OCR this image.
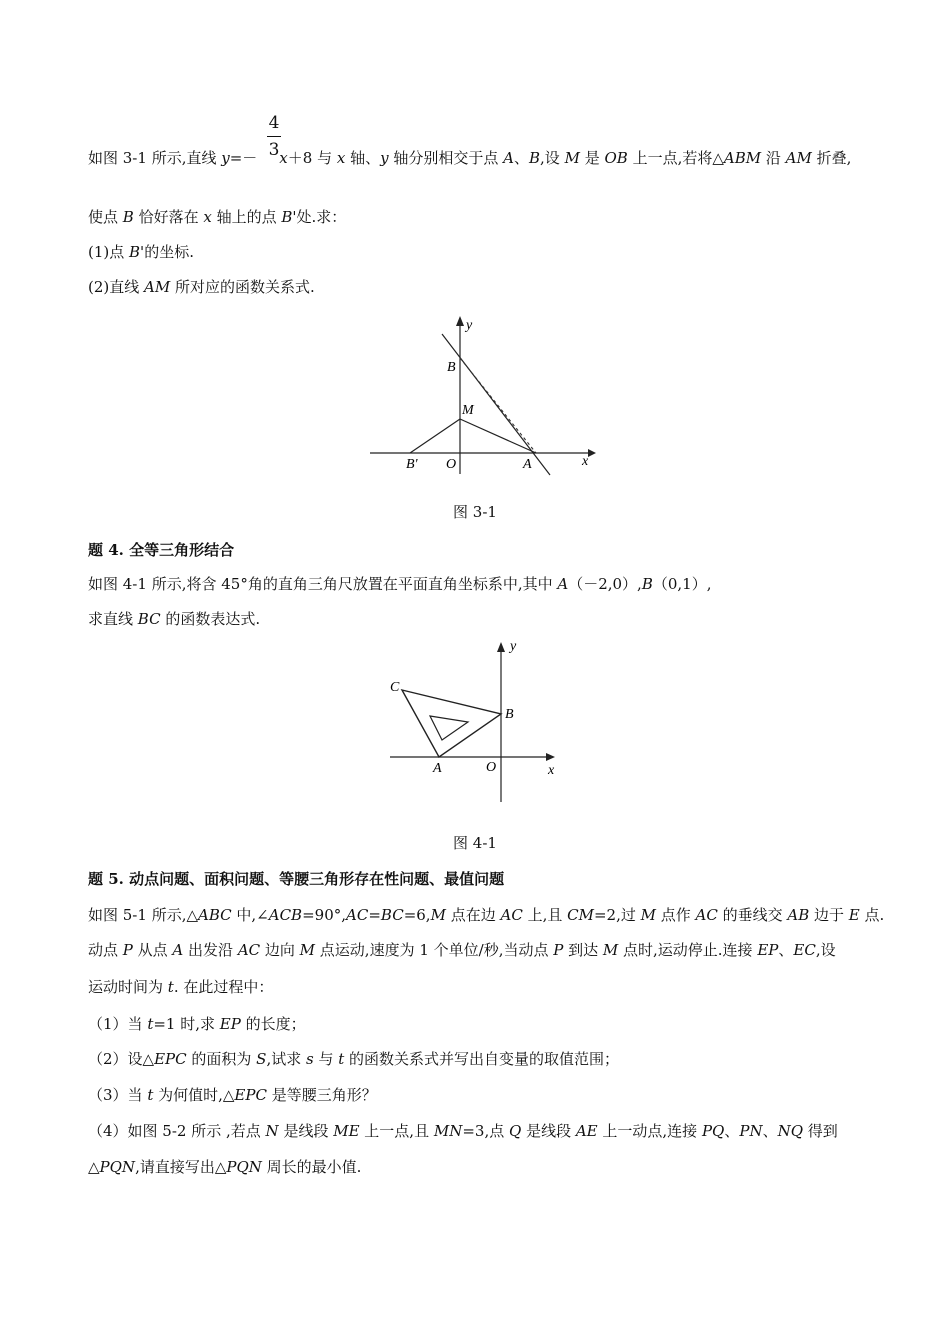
4
3
如图 3-1 所示,直线 y=－ x＋8 与 x 轴、y 轴分别相交于点 A、B,设 M 是 OB 上一点,若将△ABM 沿 AM 折叠,
使点 B 恰好落在 x 轴上的点 B'处.求：
(1)点 B'的坐标.
(2)直线 AM 所对应的函数关系式.
y
B
M
B' O	A	x
图 3-1
题 4. 全等三角形结合
如图 4-1 所示,将含 45°角的直角三角尺放置在平面直角坐标系中,其中 A（－2,0）,B（0,1）,
求直线 BC 的函数表达式.
y
C
B
A	O	x
图 4-1
题 5. 动点问题、面积问题、等腰三角形存在性问题、最值问题
如图 5-1 所示,△ABC 中,∠ACB=90°,AC=BC=6,M 点在边 AC 上,且 CM=2,过 M 点作 AC 的垂线交 AB 边于 E 点.
动点 P 从点 A 出发沿 AC 边向 M 点运动,速度为 1 个单位/秒,当动点 P 到达 M 点时,运动停止.连接 EP、EC,设
运动时间为 t. 在此过程中：
（1）当 t=1 时,求 EP 的长度；
（2）设△EPC 的面积为 S,试求 s 与 t 的函数关系式并写出自变量的取值范围；
（3）当 t 为何值时,△EPC 是等腰三角形？
（4）如图 5-2 所示 ,若点 N 是线段 ME 上一点,且 MN=3,点 Q 是线段 AE 上一动点,连接 PQ、PN、NQ 得到
△PQN,请直接写出△PQN 周长的最小值.
